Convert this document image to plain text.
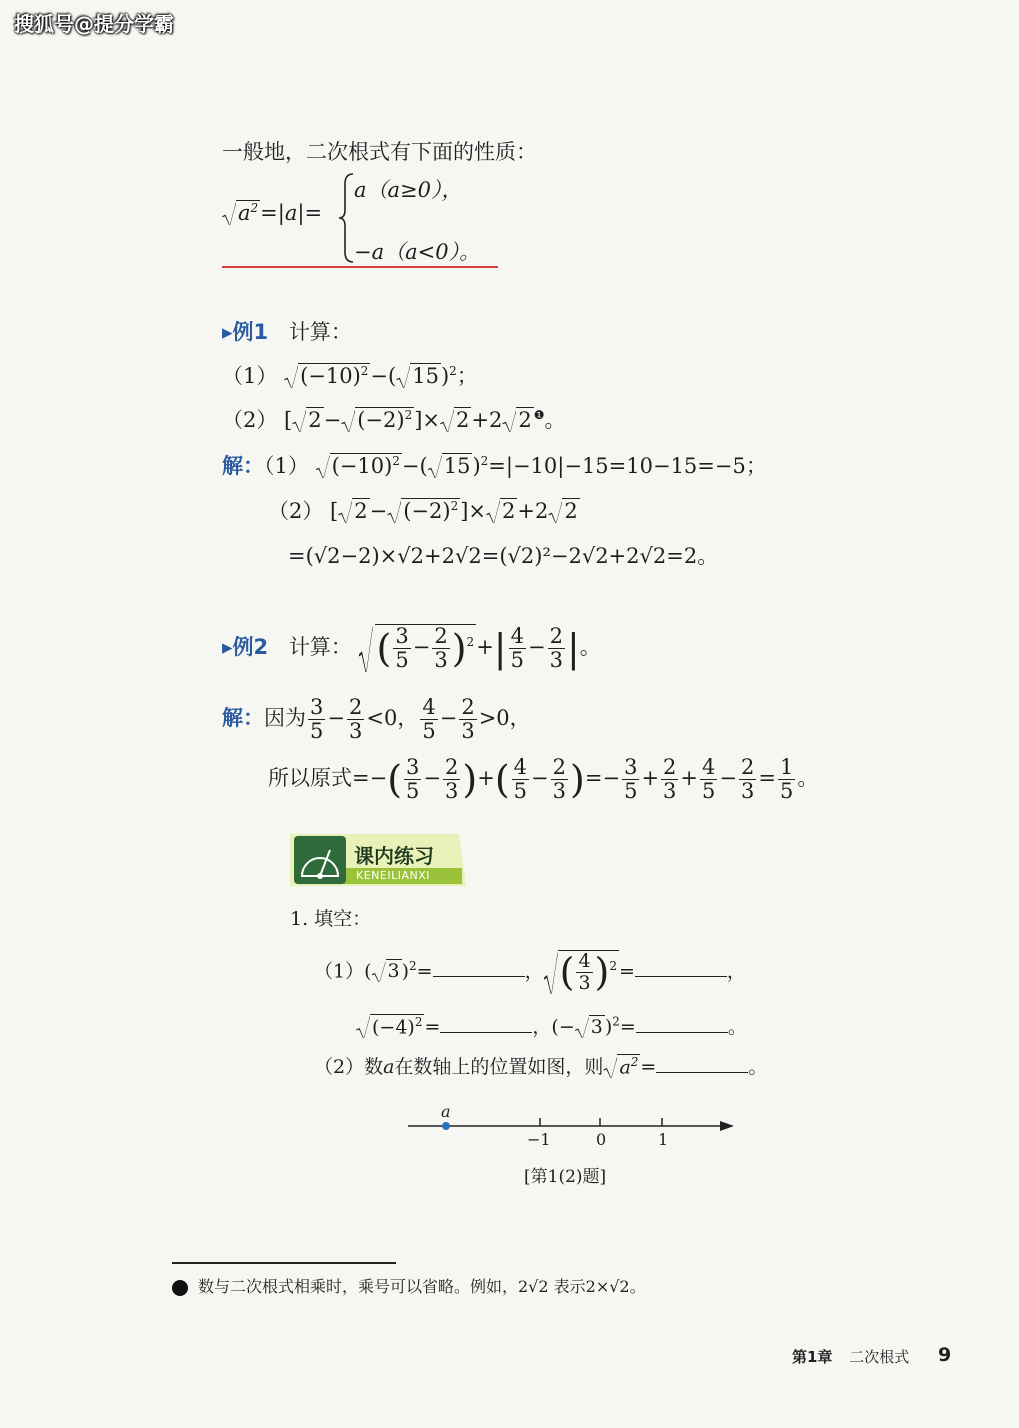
搜狐号@提分学霸
一般地，二次根式有下面的性质：
$a^2=|a|=$
a（a≥0），
−a（a<0）。
▸例1 计算：
（1） $(-10)^2-$( 15)$^2$；
（2） [ $2- (-2)^2]\times 2+2$ 2 $^❶$。
解：（1） $(-10)^2-$( 15)$^2$=|−10|−15=10−15=−5；
（2） [ $2- (-2)^2]\times 2+2$ 2
=(√2−2)×√2+2√2=(√2)²−2√2+2√2=2。
▸例2 计算： ( $\frac{3}{5} - \frac{2}{3} )^2+| \frac{4}{5} - \frac{2}{3}$ |。
解：因为 $\frac{3}{5} - \frac{2}{3} <0$， $\frac{4}{5} - \frac{2}{3} >0$，
所以原式=−( $\frac{3}{5} - \frac{2}{3}$ )+( $\frac{4}{5} - \frac{2}{3}$ )=− $\frac{3}{5} + \frac{2}{3} + \frac{4}{5} - \frac{2}{3} = \frac{1}{5}$ 。
课内练习
KENEILIANXI
1. 填空：
（1）( 3 )$^2$=	， ( $\frac{4}{3} )^2$ =	，
$(-4)^2$ =	，(− 3 )$^2$=	。
（2）数a在数轴上的位置如图，则 $a^2$ =	。
a
−1	0	1
[第1(2)题]
数与二次根式相乘时，乘号可以省略。例如，2√2 表示2×√2。
第1章 二次根式 9
